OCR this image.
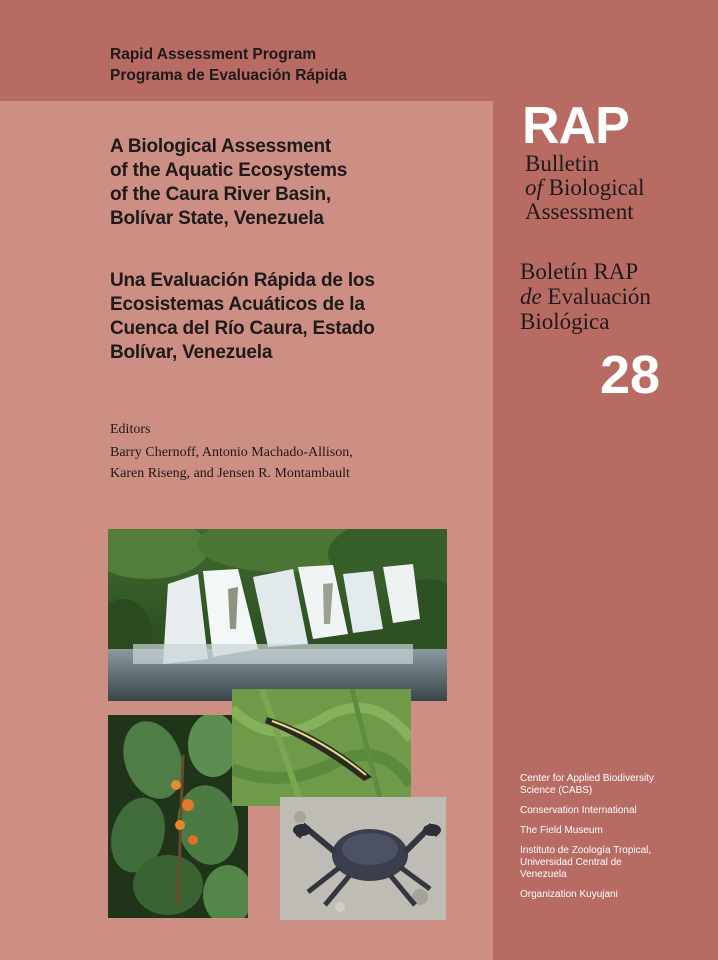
Rapid Assessment Program
Programa de Evaluación Rápida
A Biological Assessment
of the Aquatic Ecosystems
of the Caura River Basin,
Bolívar State, Venezuela
Una Evaluación Rápida de los
Ecosistemas Acuáticos de la
Cuenca del Río Caura, Estado
Bolívar, Venezuela
Editors
Barry Chernoff, Antonio Machado-Allison,
Karen Riseng, and Jensen R. Montambault
RAP
Bulletin
of Biological
Assessment
Boletín RAP
de Evaluación
Biológica
28
Center for Applied Biodiversity Science (CABS)
Conservation International
The Field Museum
Instituto de Zoología Tropical, Universidad Central de Venezuela
Organization Kuyujani
